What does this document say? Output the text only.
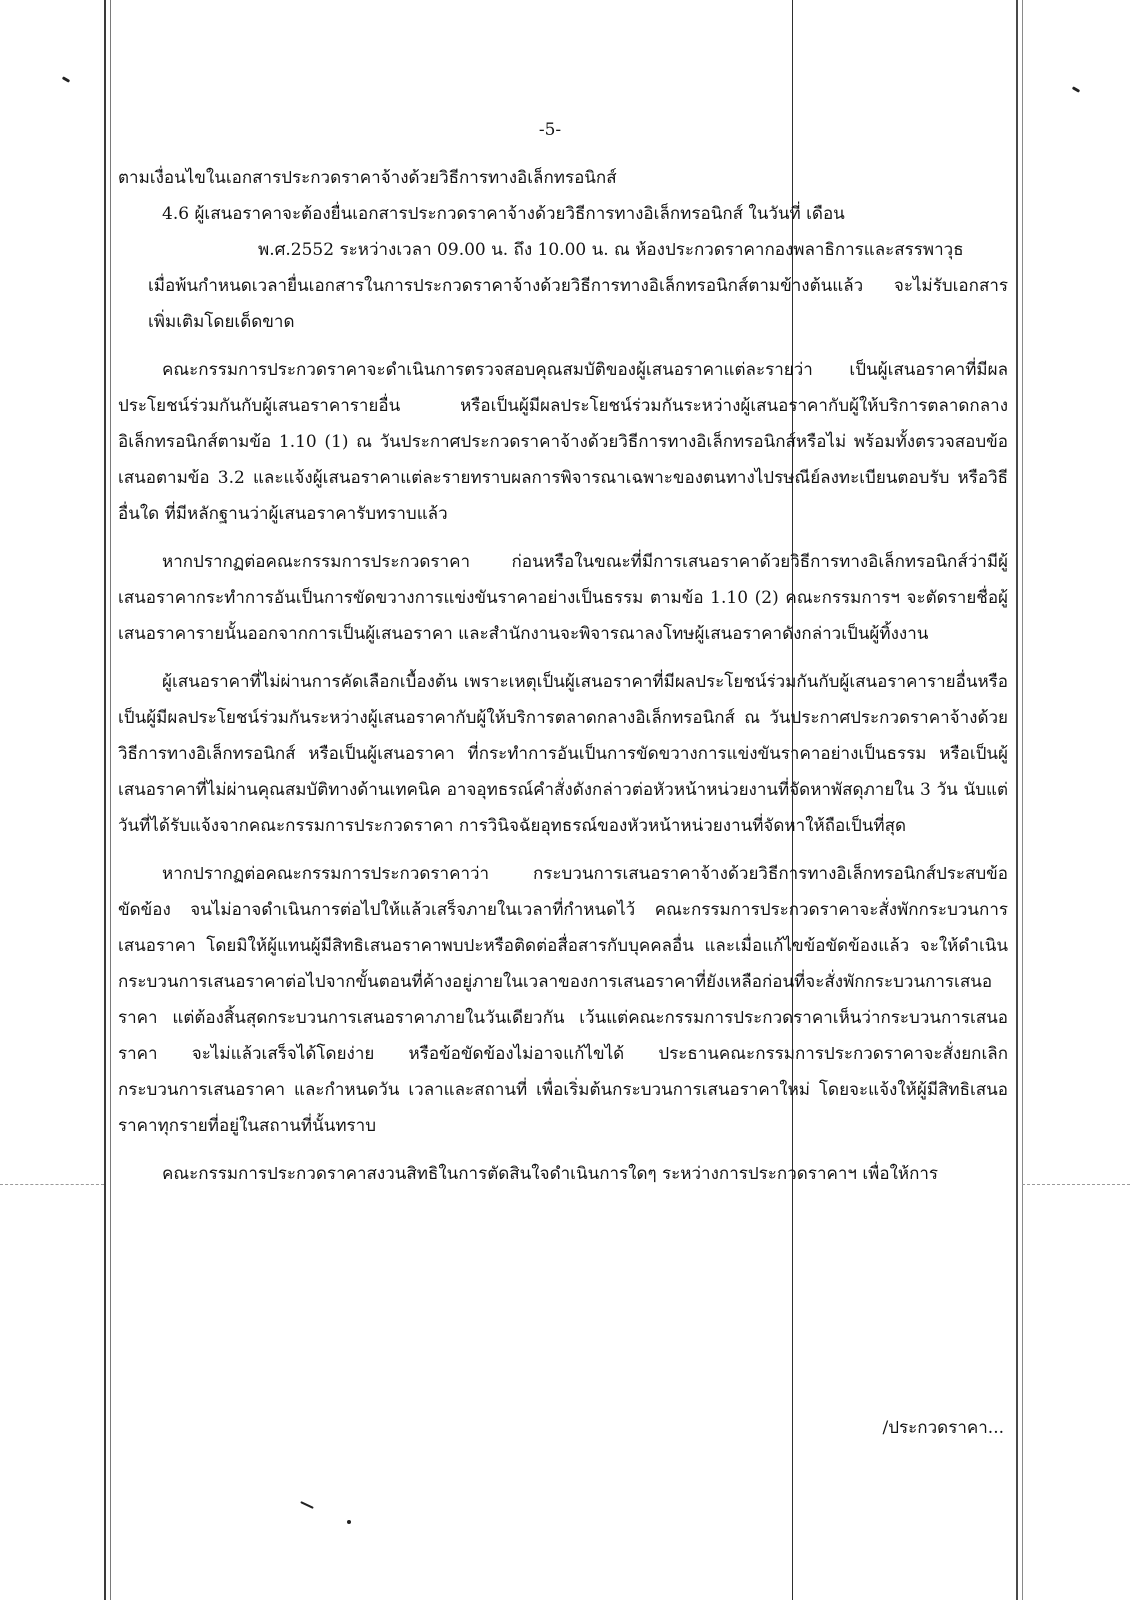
-5-

ตามเงื่อนไขในเอกสารประกวดราคาจ้างด้วยวิธีการทางอิเล็กทรอนิกส์

4.6 ผู้เสนอราคาจะต้องยื่นเอกสารประกวดราคาจ้างด้วยวิธีการทางอิเล็กทรอนิกส์ ในวันที่ เดือน

พ.ศ.2552 ระหว่างเวลา 09.00 น. ถึง 10.00 น. ณ ห้องประกวดราคากองพลาธิการและสรรพาวุธ

เมื่อพ้นกำหนดเวลายื่นเอกสารในการประกวดราคาจ้างด้วยวิธีการทางอิเล็กทรอนิกส์ตามข้างต้นแล้ว จะไม่รับเอกสารเพิ่มเติมโดยเด็ดขาด

คณะกรรมการประกวดราคาจะดำเนินการตรวจสอบคุณสมบัติของผู้เสนอราคาแต่ละรายว่า เป็นผู้เสนอราคาที่มีผลประโยชน์ร่วมกันกับผู้เสนอราคารายอื่น หรือเป็นผู้มีผลประโยชน์ร่วมกันระหว่างผู้เสนอราคากับผู้ให้บริการตลาดกลางอิเล็กทรอนิกส์ตามข้อ 1.10 (1) ณ วันประกาศประกวดราคาจ้างด้วยวิธีการทางอิเล็กทรอนิกส์หรือไม่ พร้อมทั้งตรวจสอบข้อเสนอตามข้อ 3.2 และแจ้งผู้เสนอราคาแต่ละรายทราบผลการพิจารณาเฉพาะของตนทางไปรษณีย์ลงทะเบียนตอบรับ หรือวิธีอื่นใด ที่มีหลักฐานว่าผู้เสนอราคารับทราบแล้ว

หากปรากฏต่อคณะกรรมการประกวดราคา ก่อนหรือในขณะที่มีการเสนอราคาด้วยวิธีการทางอิเล็กทรอนิกส์ว่ามีผู้เสนอราคากระทำการอันเป็นการขัดขวางการแข่งขันราคาอย่างเป็นธรรม ตามข้อ 1.10 (2) คณะกรรมการฯ จะตัดรายชื่อผู้เสนอราคารายนั้นออกจากการเป็นผู้เสนอราคา และสำนักงานจะพิจารณาลงโทษผู้เสนอราคาดังกล่าวเป็นผู้ทิ้งงาน

ผู้เสนอราคาที่ไม่ผ่านการคัดเลือกเบื้องต้น เพราะเหตุเป็นผู้เสนอราคาที่มีผลประโยชน์ร่วมกันกับผู้เสนอราคารายอื่นหรือเป็นผู้มีผลประโยชน์ร่วมกันระหว่างผู้เสนอราคากับผู้ให้บริการตลาดกลางอิเล็กทรอนิกส์ ณ วันประกาศประกวดราคาจ้างด้วยวิธีการทางอิเล็กทรอนิกส์ หรือเป็นผู้เสนอราคา ที่กระทำการอันเป็นการขัดขวางการแข่งขันราคาอย่างเป็นธรรม หรือเป็นผู้เสนอราคาที่ไม่ผ่านคุณสมบัติทางด้านเทคนิค อาจอุทธรณ์คำสั่งดังกล่าวต่อหัวหน้าหน่วยงานที่จัดหาพัสดุภายใน 3 วัน นับแต่วันที่ได้รับแจ้งจากคณะกรรมการประกวดราคา การวินิจฉัยอุทธรณ์ของหัวหน้าหน่วยงานที่จัดหาให้ถือเป็นที่สุด

หากปรากฏต่อคณะกรรมการประกวดราคาว่า กระบวนการเสนอราคาจ้างด้วยวิธีการทางอิเล็กทรอนิกส์ประสบข้อขัดข้อง จนไม่อาจดำเนินการต่อไปให้แล้วเสร็จภายในเวลาที่กำหนดไว้ คณะกรรมการประกวดราคาจะสั่งพักกระบวนการเสนอราคา โดยมิให้ผู้แทนผู้มีสิทธิเสนอราคาพบปะหรือติดต่อสื่อสารกับบุคคลอื่น และเมื่อแก้ไขข้อขัดข้องแล้ว จะให้ดำเนินกระบวนการเสนอราคาต่อไปจากขั้นตอนที่ค้างอยู่ภายในเวลาของการเสนอราคาที่ยังเหลือก่อนที่จะสั่งพักกระบวนการเสนอราคา แต่ต้องสิ้นสุดกระบวนการเสนอราคาภายในวันเดียวกัน เว้นแต่คณะกรรมการประกวดราคาเห็นว่ากระบวนการเสนอราคา จะไม่แล้วเสร็จได้โดยง่าย หรือข้อขัดข้องไม่อาจแก้ไขได้ ประธานคณะกรรมการประกวดราคาจะสั่งยกเลิกกระบวนการเสนอราคา และกำหนดวัน เวลาและสถานที่ เพื่อเริ่มต้นกระบวนการเสนอราคาใหม่ โดยจะแจ้งให้ผู้มีสิทธิเสนอราคาทุกรายที่อยู่ในสถานที่นั้นทราบ

คณะกรรมการประกวดราคาสงวนสิทธิในการตัดสินใจดำเนินการใดๆ ระหว่างการประกวดราคาฯ เพื่อให้การ

/ประกวดราคา...
